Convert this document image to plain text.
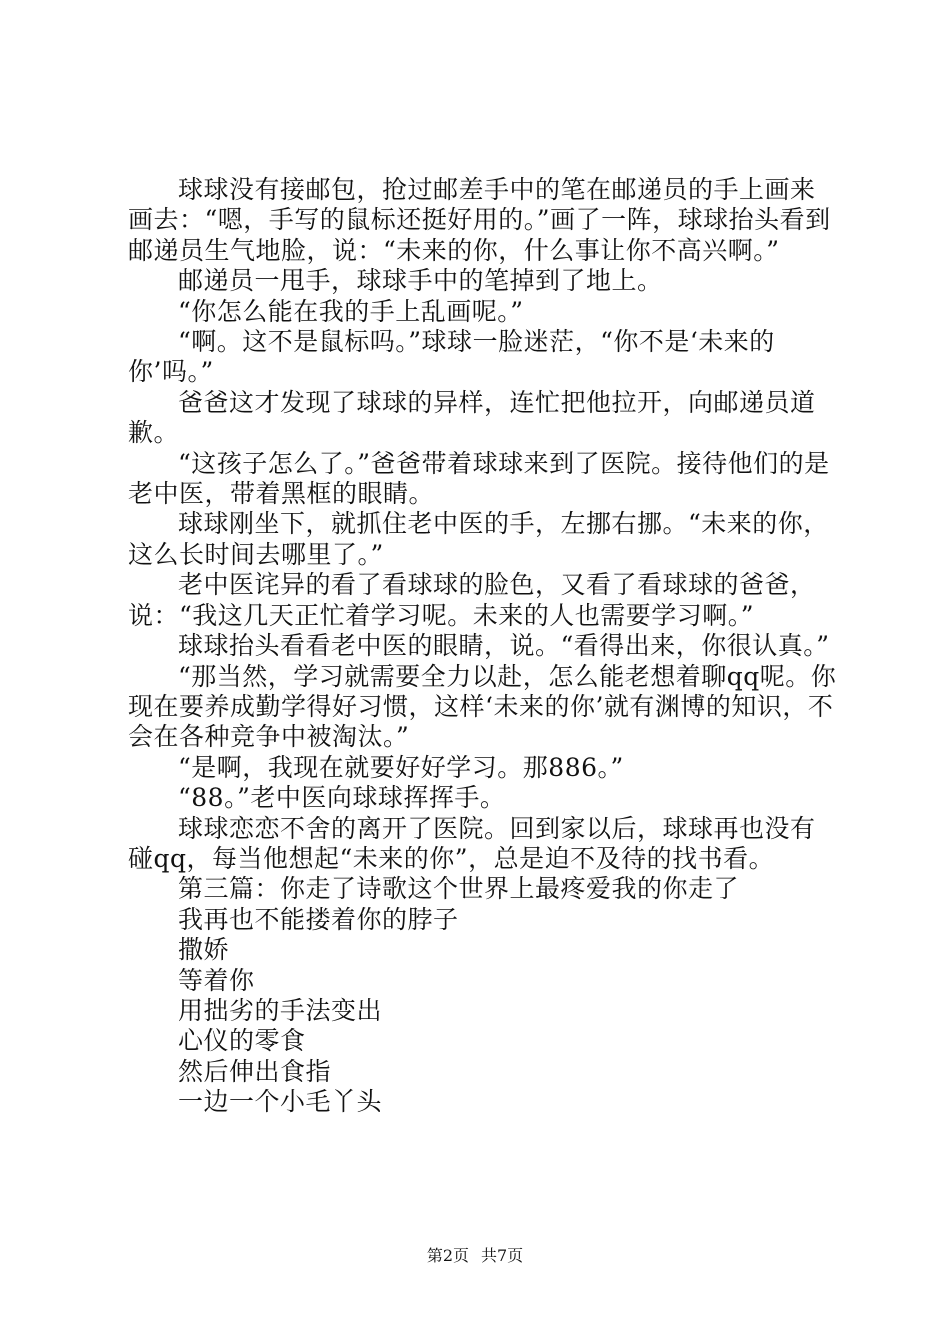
球球没有接邮包，抢过邮差手中的笔在邮递员的手上画来画去：“嗯，手写的鼠标还挺好用的。”画了一阵，球球抬头看到邮递员生气地脸，说：“未来的你，什么事让你不高兴啊。”

邮递员一甩手，球球手中的笔掉到了地上。

“你怎么能在我的手上乱画呢。”

“啊。这不是鼠标吗。”球球一脸迷茫，“你不是‘未来的你’吗。”

爸爸这才发现了球球的异样，连忙把他拉开，向邮递员道歉。

“这孩子怎么了。”爸爸带着球球来到了医院。接待他们的是老中医，带着黑框的眼睛。

球球刚坐下，就抓住老中医的手，左挪右挪。“未来的你，这么长时间去哪里了。”

老中医诧异的看了看球球的脸色，又看了看球球的爸爸，说：“我这几天正忙着学习呢。未来的人也需要学习啊。”

球球抬头看看老中医的眼睛，说。“看得出来，你很认真。”

“那当然，学习就需要全力以赴，怎么能老想着聊qq呢。你现在要养成勤学得好习惯，这样‘未来的你’就有渊博的知识，不会在各种竞争中被淘汰。”

“是啊，我现在就要好好学习。那886。”

“88。”老中医向球球挥挥手。

球球恋恋不舍的离开了医院。回到家以后，球球再也没有碰qq，每当他想起“未来的你”，总是迫不及待的找书看。

第三篇：你走了诗歌这个世界上最疼爱我的你走了

我再也不能搂着你的脖子

撒娇

等着你

用拙劣的手法变出

心仪的零食

然后伸出食指

一边一个小毛丫头

第2页 共7页
